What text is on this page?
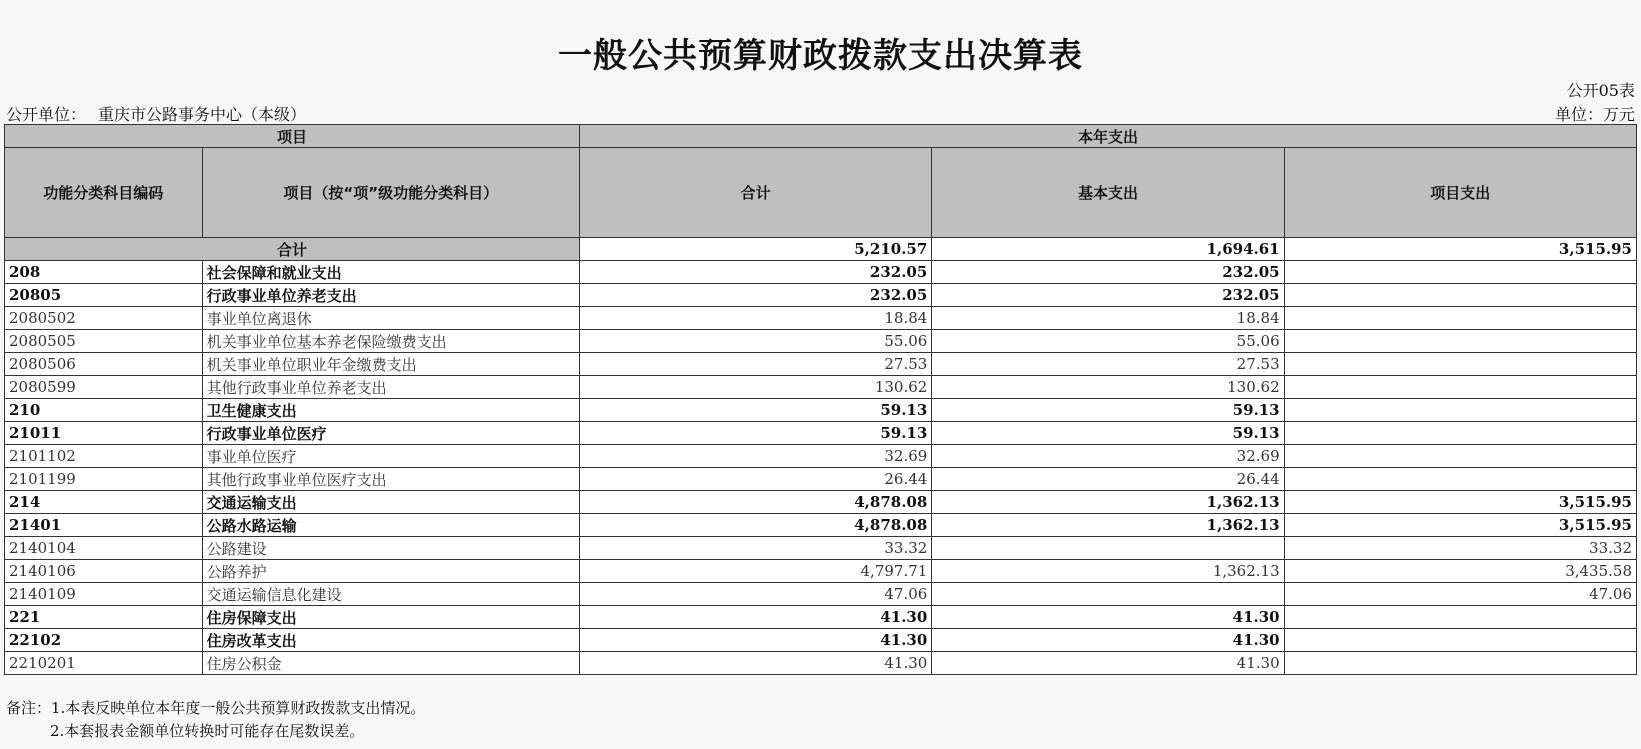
一般公共预算财政拨款支出决算表
公开05表
公开单位： 重庆市公路事务中心（本级）	单位：万元
项目		本年支出		
功能分类科目编码	项目（按“项”级功能分类科目）	合计	基本支出	项目支出
合计		5,210.57	1,694.61	3,515.95
208	社会保障和就业支出	232.05	232.05	
20805	行政事业单位养老支出	232.05	232.05	
2080502	事业单位离退休	18.84	18.84	
2080505	机关事业单位基本养老保险缴费支出	55.06	55.06	
2080506	机关事业单位职业年金缴费支出	27.53	27.53	
2080599	其他行政事业单位养老支出	130.62	130.62	
210	卫生健康支出	59.13	59.13	
21011	行政事业单位医疗	59.13	59.13	
2101102	事业单位医疗	32.69	32.69	
2101199	其他行政事业单位医疗支出	26.44	26.44	
214	交通运输支出	4,878.08	1,362.13	3,515.95
21401	公路水路运输	4,878.08	1,362.13	3,515.95
2140104	公路建设	33.32		33.32
2140106	公路养护	4,797.71	1,362.13	3,435.58
2140109	交通运输信息化建设	47.06		47.06
221	住房保障支出	41.30	41.30	
22102	住房改革支出	41.30	41.30	
2210201	住房公积金	41.30	41.30	
备注：1.本表反映单位本年度一般公共预算财政拨款支出情况。
2.本套报表金额单位转换时可能存在尾数误差。
